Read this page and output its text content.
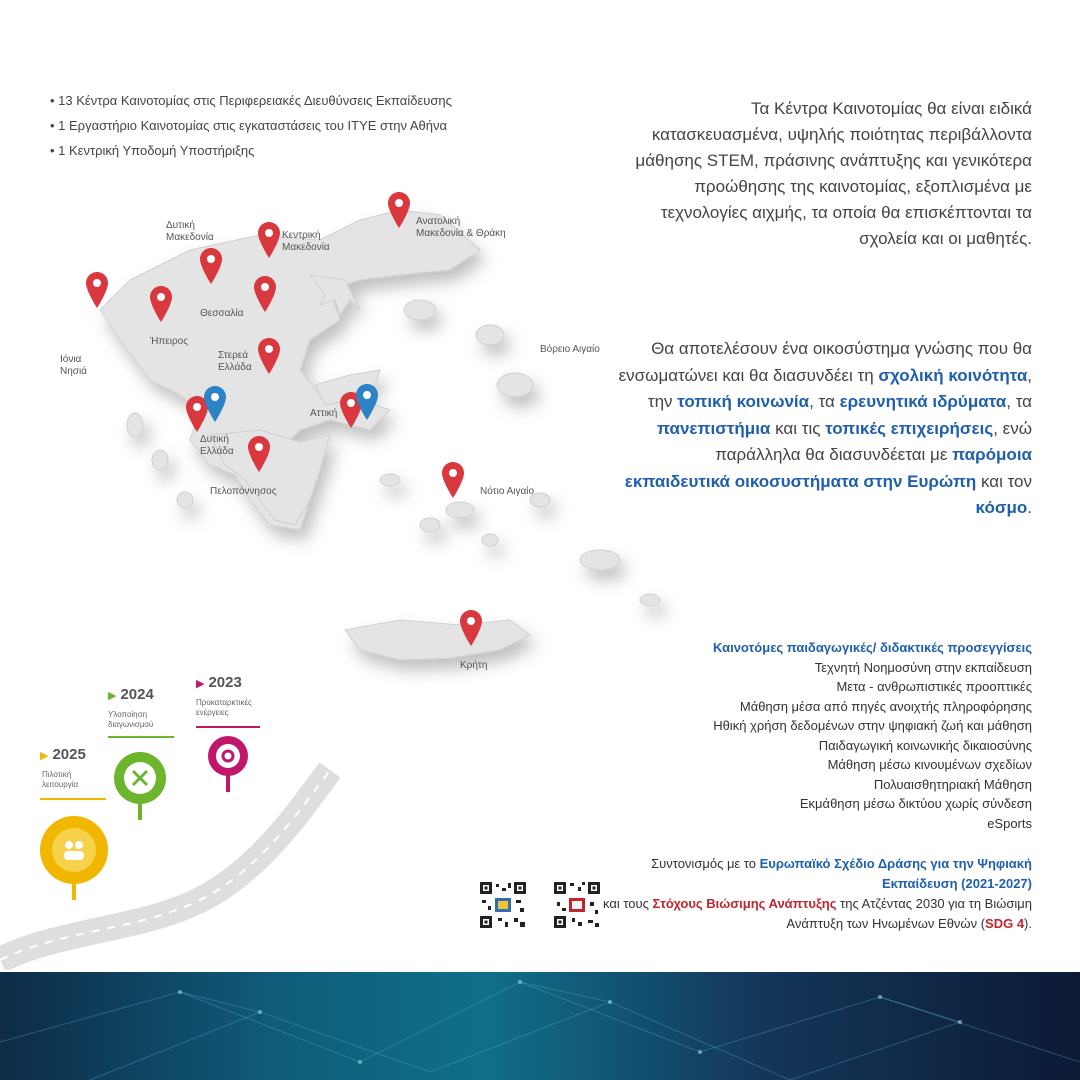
• 13 Κέντρα Καινοτομίας στις Περιφερειακές Διευθύνσεις Εκπαίδευσης
• 1 Εργαστήριο Καινοτομίας στις εγκαταστάσεις του ΙΤΥΕ στην Αθήνα
• 1 Κεντρική Υποδομή Υποστήριξης
Δυτική Μακεδονία	Κεντρική Μακεδονία
Ανατολική Μακεδονία & Θράκη
Θεσσαλία
Ήπειρος
Ιόνια Νησιά
Στερεά Ελλάδα
Βόρειο Αιγαίο
Αττική
Δυτική Ελλάδα
Πελοπόννησος	Νότιο Αιγαίο
Κρήτη
Τα Κέντρα Καινοτομίας θα είναι ειδικά κατασκευασμένα, υψηλής ποιότητας περιβάλλοντα μάθησης STEM, πράσινης ανάπτυξης και γενικότερα προώθησης της καινοτομίας, εξοπλισμένα με τεχνολογίες αιχμής, τα οποία θα επισκέπτονται τα σχολεία και οι μαθητές.
Θα αποτελέσουν ένα οικοσύστημα γνώσης που θα ενσωματώνει και θα διασυνδέει τη σχολική κοινότητα, την τοπική κοινωνία, τα ερευνητικά ιδρύματα, τα πανεπιστήμια και τις τοπικές επιχειρήσεις, ενώ παράλληλα θα διασυνδέεται με παρόμοια εκπαιδευτικά οικοσυστήματα στην Ευρώπη και τον κόσμο.
Καινοτόμες παιδαγωγικές/ διδακτικές προσεγγίσεις
Τεχνητή Νοημοσύνη στην εκπαίδευση
Μετα - ανθρωπιστικές προοπτικές
Μάθηση μέσα από πηγές ανοιχτής πληροφόρησης
Ηθική χρήση δεδομένων στην ψηφιακή ζωή και μάθηση
Παιδαγωγική κοινωνικής δικαιοσύνης
Μάθηση μέσω κινουμένων σχεδίων
Πολυαισθητηριακή Μάθηση
Εκμάθηση μέσω δικτύου χωρίς σύνδεση
eSports
Συντονισμός με το Ευρωπαϊκό Σχέδιο Δράσης για την Ψηφιακή Εκπαίδευση (2021-2027)
και τους Στόχους Βιώσιμης Ανάπτυξης της Ατζέντας 2030 για τη Βιώσιμη Ανάπτυξη των Ηνωμένων Εθνών (SDG 4).
▶ 2023
Προκαταρκτικές ενέργειες
▶ 2024
Υλοποίηση διαγωνισμού
▶ 2025
Πιλοτική λειτουργία
